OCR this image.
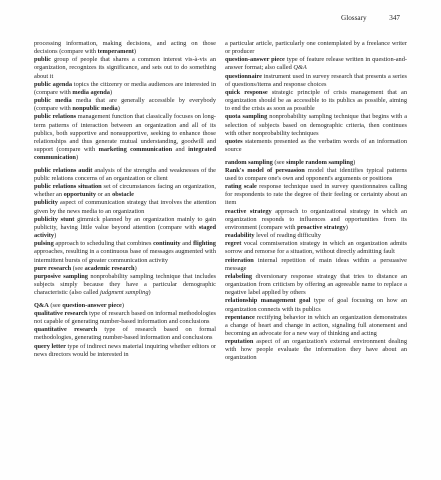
Glossary	347

processing information, making decisions, and acting on those decisions (compare with temperament)

public group of people that shares a common interest vis-à-vis an organization, recognizes its significance, and sets out to do something about it

public agenda topics the citizenry or media audiences are interested in (compare with media agenda)

public media media that are generally accessible by everybody (compare with nonpublic media)

public relations management function that classically focuses on long-term patterns of interaction between an organization and all of its publics, both supportive and nonsupportive, seeking to enhance those relationships and thus generate mutual understanding, goodwill and support (compare with marketing communication and integrated communication)

public relations audit analysis of the strengths and weaknesses of the public relations concerns of an organization or client

public relations situation set of circumstances facing an organization, whether an opportunity or an obstacle

publicity aspect of communication strategy that involves the attention given by the news media to an organization

publicity stunt gimmick planned by an organization mainly to gain publicity, having little value beyond attention (compare with staged activity)

pulsing approach to scheduling that combines continuity and flighting approaches, resulting in a continuous base of messages augmented with intermittent bursts of greater communication activity

pure research (see academic research)

purposive sampling nonprobability sampling technique that includes subjects simply because they have a particular demographic characteristic (also called judgment sampling)

Q&A (see question-answer piece)

qualitative research type of research based on informal methodologies not capable of generating number-based information and conclusions

quantitative research type of research based on formal methodologies, generating number-based information and conclusions

query letter type of indirect news material inquiring whether editors or news directors would be interested in

a particular article, particularly one contemplated by a freelance writer or producer

question-answer piece type of feature release written in question-and-answer format; also called Q&A

questionnaire instrument used in survey research that presents a series of questions/items and response choices

quick response strategic principle of crisis management that an organization should be as accessible to its publics as possible, aiming to end the crisis as soon as possible

quota sampling nonprobability sampling technique that begins with a selection of subjects based on demographic criteria, then continues with other nonprobability techniques

quotes statements presented as the verbatim words of an information source

random sampling (see simple random sampling)

Rank's model of persuasion model that identifies typical patterns used to compare one's own and opponent's arguments or positions

rating scale response technique used in survey questionnaires calling for respondents to rate the degree of their feeling or certainty about an item

reactive strategy approach to organizational strategy in which an organization responds to influences and opportunities from its environment (compare with proactive strategy)

readability level of reading difficulty

regret vocal commiseration strategy in which an organization admits sorrow and remorse for a situation, without directly admitting fault

reiteration internal repetition of main ideas within a persuasive message

relabeling diversionary response strategy that tries to distance an organization from criticism by offering an agreeable name to replace a negative label applied by others

relationship management goal type of goal focusing on how an organization connects with its publics

repentance rectifying behavior in which an organization demonstrates a change of heart and change in action, signaling full atonement and becoming an advocate for a new way of thinking and acting

reputation aspect of an organization's external environment dealing with how people evaluate the information they have about an organization
